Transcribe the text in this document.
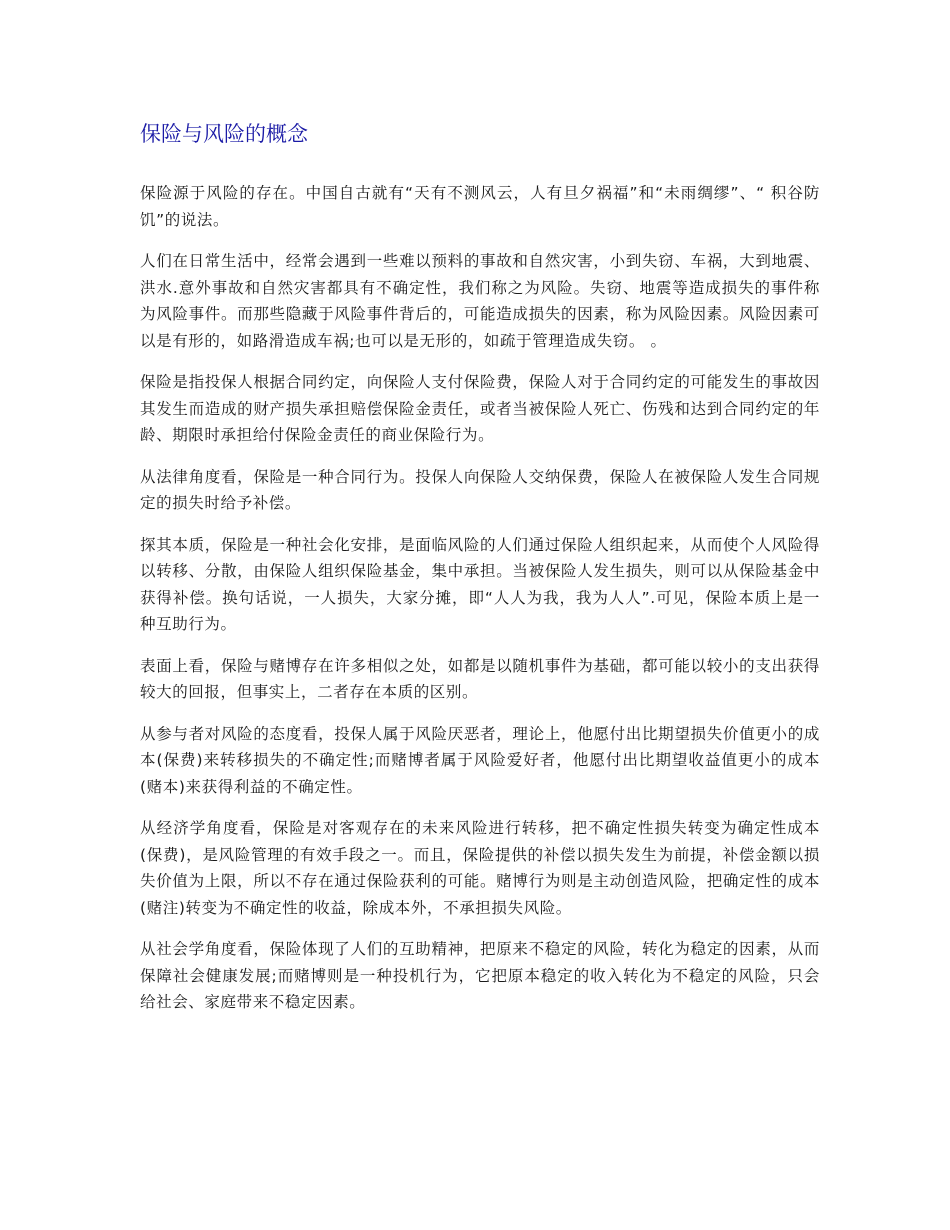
保险与风险的概念

保险源于风险的存在。中国自古就有“天有不测风云，人有旦夕祸福”和“未雨绸缪”、“ 积谷防饥”的说法。

人们在日常生活中，经常会遇到一些难以预料的事故和自然灾害，小到失窃、车祸，大到地震、洪水.意外事故和自然灾害都具有不确定性，我们称之为风险。失窃、地震等造成损失的事件称为风险事件。而那些隐藏于风险事件背后的，可能造成损失的因素，称为风险因素。风险因素可以是有形的，如路滑造成车祸;也可以是无形的，如疏于管理造成失窃。 。

保险是指投保人根据合同约定，向保险人支付保险费，保险人对于合同约定的可能发生的事故因其发生而造成的财产损失承担赔偿保险金责任，或者当被保险人死亡、伤残和达到合同约定的年龄、期限时承担给付保险金责任的商业保险行为。

从法律角度看，保险是一种合同行为。投保人向保险人交纳保费，保险人在被保险人发生合同规定的损失时给予补偿。

探其本质，保险是一种社会化安排，是面临风险的人们通过保险人组织起来，从而使个人风险得以转移、分散，由保险人组织保险基金，集中承担。当被保险人发生损失，则可以从保险基金中获得补偿。换句话说，一人损失，大家分摊，即“人人为我，我为人人”.可见，保险本质上是一种互助行为。

表面上看，保险与赌博存在许多相似之处，如都是以随机事件为基础，都可能以较小的支出获得较大的回报，但事实上，二者存在本质的区别。

从参与者对风险的态度看，投保人属于风险厌恶者，理论上，他愿付出比期望损失价值更小的成本(保费)来转移损失的不确定性;而赌博者属于风险爱好者，他愿付出比期望收益值更小的成本(赌本)来获得利益的不确定性。

从经济学角度看，保险是对客观存在的未来风险进行转移，把不确定性损失转变为确定性成本(保费)，是风险管理的有效手段之一。而且，保险提供的补偿以损失发生为前提，补偿金额以损失价值为上限，所以不存在通过保险获利的可能。赌博行为则是主动创造风险，把确定性的成本(赌注)转变为不确定性的收益，除成本外，不承担损失风险。

从社会学角度看，保险体现了人们的互助精神，把原来不稳定的风险，转化为稳定的因素，从而保障社会健康发展;而赌博则是一种投机行为，它把原本稳定的收入转化为不稳定的风险，只会给社会、家庭带来不稳定因素。
